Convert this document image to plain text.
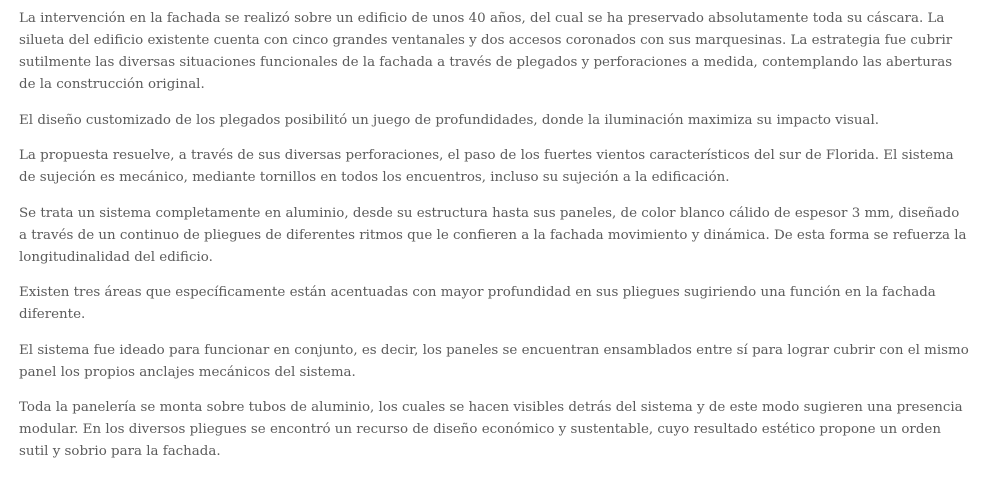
La intervención en la fachada se realizó sobre un edificio de unos 40 años, del cual se ha preservado absolutamente toda su cáscara. La silueta del edificio existente cuenta con cinco grandes ventanales y dos accesos coronados con sus marquesinas. La estrategia fue cubrir sutilmente las diversas situaciones funcionales de la fachada a través de plegados y perforaciones a medida, contemplando las aberturas de la construcción original.

El diseño customizado de los plegados posibilitó un juego de profundidades, donde la iluminación maximiza su impacto visual.

La propuesta resuelve, a través de sus diversas perforaciones, el paso de los fuertes vientos característicos del sur de Florida. El sistema de sujeción es mecánico, mediante tornillos en todos los encuentros, incluso su sujeción a la edificación.

Se trata un sistema completamente en aluminio, desde su estructura hasta sus paneles, de color blanco cálido de espesor 3 mm, diseñado a través de un continuo de pliegues de diferentes ritmos que le confieren a la fachada movimiento y dinámica. De esta forma se refuerza la longitudinalidad del edificio.

Existen tres áreas que específicamente están acentuadas con mayor profundidad en sus pliegues sugiriendo una función en la fachada diferente.

El sistema fue ideado para funcionar en conjunto, es decir, los paneles se encuentran ensamblados entre sí para lograr cubrir con el mismo panel los propios anclajes mecánicos del sistema.

Toda la panelería se monta sobre tubos de aluminio, los cuales se hacen visibles detrás del sistema y de este modo sugieren una presencia modular. En los diversos pliegues se encontró un recurso de diseño económico y sustentable, cuyo resultado estético propone un orden sutil y sobrio para la fachada.
